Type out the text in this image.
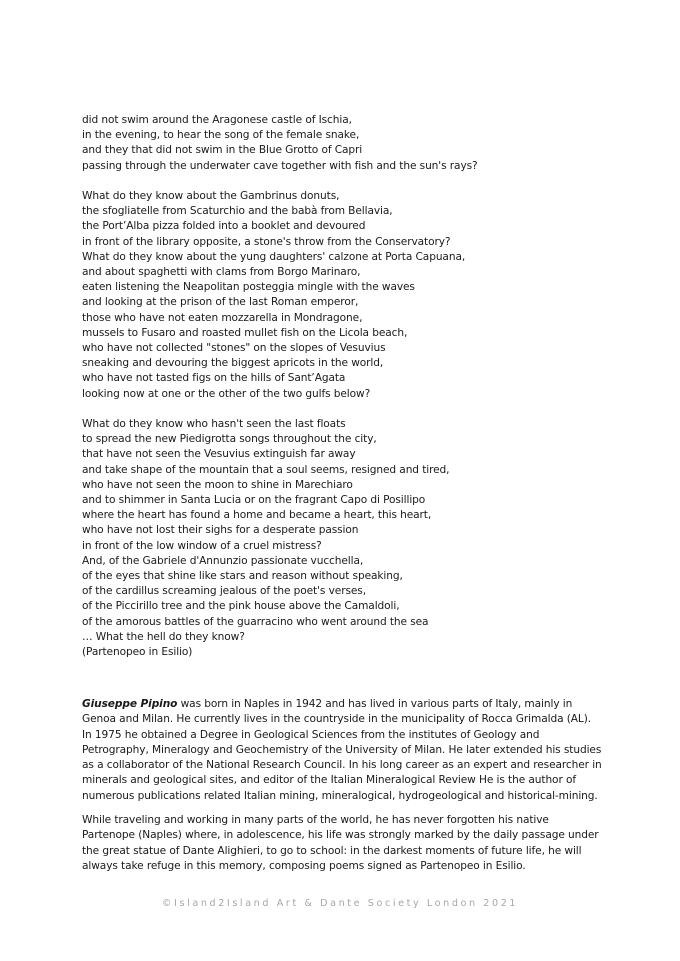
did not swim around the Aragonese castle of Ischia,
in the evening, to hear the song of the female snake,
and they that did not swim in the Blue Grotto of Capri
passing through the underwater cave together with fish and the sun's rays?
What do they know about the Gambrinus donuts,
the sfogliatelle from Scaturchio and the babà from Bellavia,
the Port’Alba pizza folded into a booklet and devoured
in front of the library opposite, a stone's throw from the Conservatory?
What do they know about the yung daughters' calzone at Porta Capuana,
and about spaghetti with clams from Borgo Marinaro,
eaten listening the Neapolitan posteggia mingle with the waves
and looking at the prison of the last Roman emperor,
those who have not eaten mozzarella in Mondragone,
mussels to Fusaro and roasted mullet fish on the Licola beach,
who have not collected "stones" on the slopes of Vesuvius
sneaking and devouring the biggest apricots in the world,
who have not tasted figs on the hills of Sant’Agata
looking now at one or the other of the two gulfs below?
What do they know who hasn't seen the last floats
to spread the new Piedigrotta songs throughout the city,
that have not seen the Vesuvius extinguish far away
and take shape of the mountain that a soul seems, resigned and tired,
who have not seen the moon to shine in Marechiaro
and to shimmer in Santa Lucia or on the fragrant Capo di Posillipo
where the heart has found a home and became a heart, this heart,
who have not lost their sighs for a desperate passion
in front of the low window of a cruel mistress?
And, of the Gabriele d'Annunzio passionate vucchella,
of the eyes that shine like stars and reason without speaking,
of the cardillus screaming jealous of the poet's verses,
of the Piccirillo tree and the pink house above the Camaldoli,
of the amorous battles of the guarracino who went around the sea
… What the hell do they know?
(Partenopeo in Esilio)

Giuseppe Pipino was born in Naples in 1942 and has lived in various parts of Italy, mainly in Genoa and Milan. He currently lives in the countryside in the municipality of Rocca Grimalda (AL). In 1975 he obtained a Degree in Geological Sciences from the institutes of Geology and Petrography, Mineralogy and Geochemistry of the University of Milan. He later extended his studies as a collaborator of the National Research Council. In his long career as an expert and researcher in minerals and geological sites, and editor of the Italian Mineralogical Review He is the author of numerous publications related Italian mining, mineralogical, hydrogeological and historical-mining.

While traveling and working in many parts of the world, he has never forgotten his native Partenope (Naples) where, in adolescence, his life was strongly marked by the daily passage under the great statue of Dante Alighieri, to go to school: in the darkest moments of future life, he will always take refuge in this memory, composing poems signed as Partenopeo in Esilio.

©Island2Island Art & Dante Society London 2021
